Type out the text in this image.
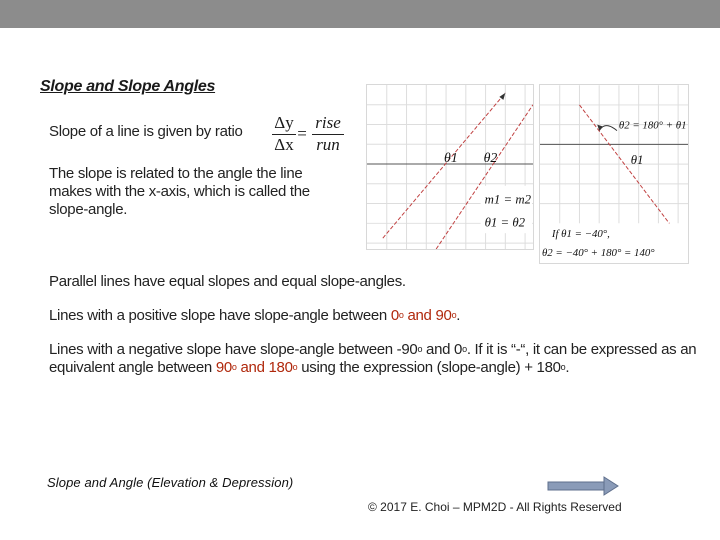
Slope and Slope Angles
Slope of a line is given by ratio Δy
Δx
=
rise
run
The slope is related to the angle the line makes with the x-axis, which is called the slope-angle.
θ1 θ2
m1 = m2
θ1 = θ2
θ2 = 180° + θ1
θ1
If θ1 = −40°,
θ2 = −40° + 180° = 140°
Parallel lines have equal slopes and equal slope-angles.
Lines with a positive slope have slope-angle between 0$^o$ and 90$^o$.
Lines with a negative slope have slope-angle between -90$^o$ and 0$^o$. If it is “-“, it can be expressed as an equivalent angle between 90$^o$ and 180$^o$ using the expression (slope-angle) + $180^o$.
Slope and Angle (Elevation & Depression)
© 2017 E. Choi – MPM2D - All Rights Reserved
